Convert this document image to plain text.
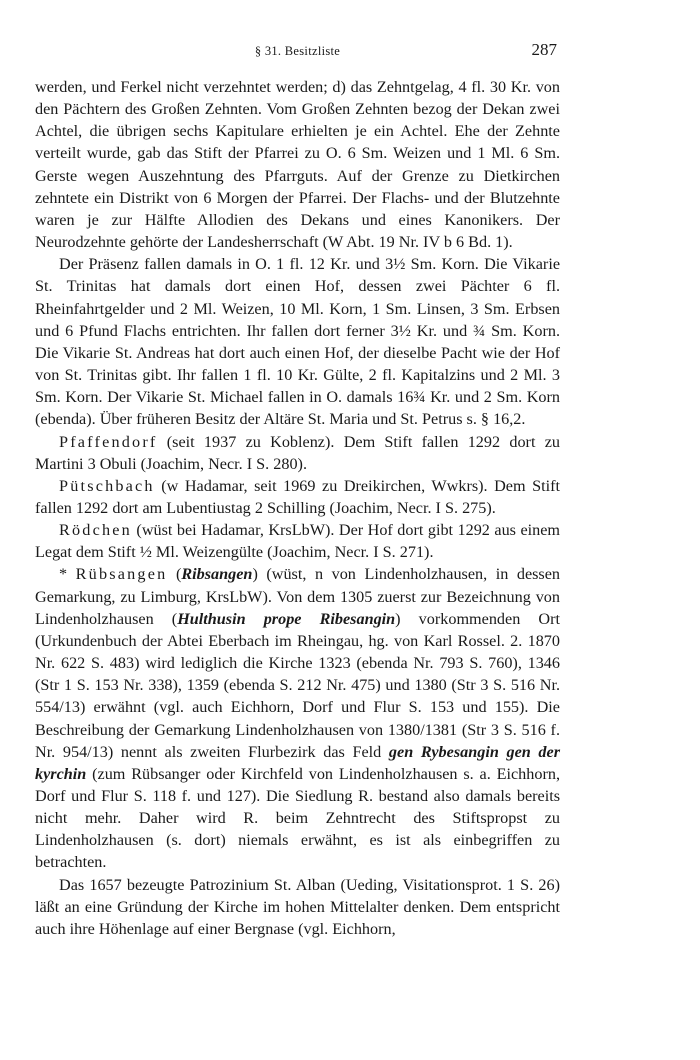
§ 31. Besitzliste	287

werden, und Ferkel nicht verzehntet werden; d) das Zehntgelag, 4 fl. 30 Kr. von den Pächtern des Großen Zehnten. Vom Großen Zehnten bezog der Dekan zwei Achtel, die übrigen sechs Kapitulare erhielten je ein Achtel. Ehe der Zehnte verteilt wurde, gab das Stift der Pfarrei zu O. 6 Sm. Weizen und 1 Ml. 6 Sm. Gerste wegen Auszehntung des Pfarrguts. Auf der Grenze zu Dietkirchen zehntete ein Distrikt von 6 Morgen der Pfarrei. Der Flachs- und der Blutzehnte waren je zur Hälfte Allodien des Dekans und eines Kanonikers. Der Neurodzehnte gehörte der Landesherrschaft (W Abt. 19 Nr. IV b 6 Bd. 1).

Der Präsenz fallen damals in O. 1 fl. 12 Kr. und 3½ Sm. Korn. Die Vikarie St. Trinitas hat damals dort einen Hof, dessen zwei Pächter 6 fl. Rheinfahrtgelder und 2 Ml. Weizen, 10 Ml. Korn, 1 Sm. Linsen, 3 Sm. Erbsen und 6 Pfund Flachs entrichten. Ihr fallen dort ferner 3½ Kr. und ¾ Sm. Korn. Die Vikarie St. Andreas hat dort auch einen Hof, der dieselbe Pacht wie der Hof von St. Trinitas gibt. Ihr fallen 1 fl. 10 Kr. Gülte, 2 fl. Kapitalzins und 2 Ml. 3 Sm. Korn. Der Vikarie St. Michael fallen in O. damals 16¾ Kr. und 2 Sm. Korn (ebenda). Über früheren Besitz der Altäre St. Maria und St. Petrus s. § 16,2.

Pfaffendorf (seit 1937 zu Koblenz). Dem Stift fallen 1292 dort zu Martini 3 Obuli (Joachim, Necr. I S. 280).

Pütschbach (w Hadamar, seit 1969 zu Dreikirchen, Wwkrs). Dem Stift fallen 1292 dort am Lubentiustag 2 Schilling (Joachim, Necr. I S. 275).

Rödchen (wüst bei Hadamar, KrsLbW). Der Hof dort gibt 1292 aus einem Legat dem Stift ½ Ml. Weizengülte (Joachim, Necr. I S. 271).

* Rübsangen (Ribsangen) (wüst, n von Lindenholzhausen, in dessen Gemarkung, zu Limburg, KrsLbW). Von dem 1305 zuerst zur Bezeichnung von Lindenholzhausen (Hulthusin prope Ribesangin) vorkommenden Ort (Urkundenbuch der Abtei Eberbach im Rheingau, hg. von Karl Rossel. 2. 1870 Nr. 622 S. 483) wird lediglich die Kirche 1323 (ebenda Nr. 793 S. 760), 1346 (Str 1 S. 153 Nr. 338), 1359 (ebenda S. 212 Nr. 475) und 1380 (Str 3 S. 516 Nr. 554/13) erwähnt (vgl. auch Eichhorn, Dorf und Flur S. 153 und 155). Die Beschreibung der Gemarkung Lindenholzhausen von 1380/1381 (Str 3 S. 516 f. Nr. 954/13) nennt als zweiten Flurbezirk das Feld gen Rybesangin gen der kyrchin (zum Rübsanger oder Kirchfeld von Lindenholzhausen s. a. Eichhorn, Dorf und Flur S. 118 f. und 127). Die Siedlung R. bestand also damals bereits nicht mehr. Daher wird R. beim Zehntrecht des Stiftspropst zu Lindenholzhausen (s. dort) niemals erwähnt, es ist als einbegriffen zu betrachten.

Das 1657 bezeugte Patrozinium St. Alban (Ueding, Visitationsprot. 1 S. 26) läßt an eine Gründung der Kirche im hohen Mittelalter denken. Dem entspricht auch ihre Höhenlage auf einer Bergnase (vgl. Eichhorn,
